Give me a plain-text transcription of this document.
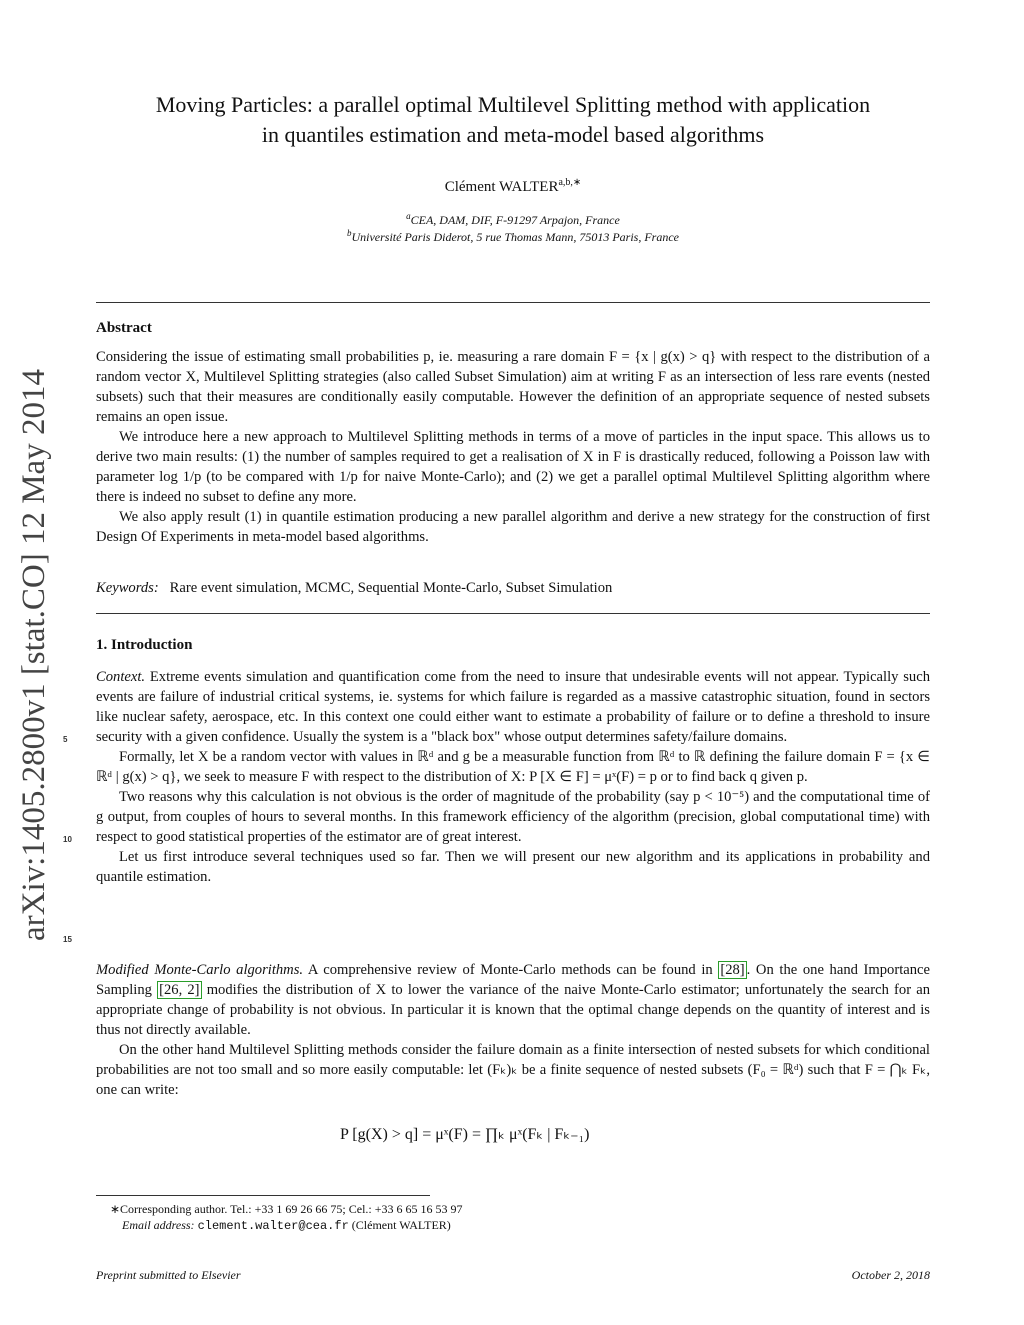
arXiv:1405.2800v1 [stat.CO] 12 May 2014
Moving Particles: a parallel optimal Multilevel Splitting method with application
in quantiles estimation and meta-model based algorithms
Clément $WALTER^{a,b,∗}$
$^a$CEA, DAM, DIF, F-91297 Arpajon, France
$^b$Université Paris Diderot, 5 rue Thomas Mann, 75013 Paris, France
Abstract

Considering the issue of estimating small probabilities p, ie. measuring a rare domain F = {x | g(x) > q} with respect to the distribution of a random vector X, Multilevel Splitting strategies (also called Subset Simulation) aim at writing F as an intersection of less rare events (nested subsets) such that their measures are conditionally easily computable. However the definition of an appropriate sequence of nested subsets remains an open issue.

We introduce here a new approach to Multilevel Splitting methods in terms of a move of particles in the input space. This allows us to derive two main results: (1) the number of samples required to get a realisation of X in F is drastically reduced, following a Poisson law with parameter log 1/p (to be compared with 1/p for naive Monte-Carlo); and (2) we get a parallel optimal Multilevel Splitting algorithm where there is indeed no subset to define any more.

We also apply result (1) in quantile estimation producing a new parallel algorithm and derive a new strategy for the construction of first Design Of Experiments in meta-model based algorithms.

Keywords: Rare event simulation, MCMC, Sequential Monte-Carlo, Subset Simulation
1. Introduction

Context. Extreme events simulation and quantification come from the need to insure that undesirable events will not appear. Typically such events are failure of industrial critical systems, ie. systems for which failure is regarded as a massive catastrophic situation, found in sectors like nuclear safety, aerospace, etc. In this context one could either want to estimate a probability of failure or to define a threshold to insure security with a given confidence. Usually the system is a "black box" whose output determines safety/failure domains.

Formally, let X be a random vector with values in ℝᵈ and g be a measurable function from ℝᵈ to ℝ defining the failure domain F = {x ∈ ℝᵈ | g(x) > q}, we seek to measure F with respect to the distribution of X: P [X ∈ F] = μˣ(F) = p or to find back q given p.

Two reasons why this calculation is not obvious is the order of magnitude of the probability (say p < 10⁻⁵) and the computational time of g output, from couples of hours to several months. In this framework efficiency of the algorithm (precision, global computational time) with respect to good statistical properties of the estimator are of great interest.

Let us first introduce several techniques used so far. Then we will present our new algorithm and its applications in probability and quantile estimation.

Modified Monte-Carlo algorithms. A comprehensive review of Monte-Carlo methods can be found in [28] . On the one hand Importance Sampling [26, 2] modifies the distribution of X to lower the variance of the naive Monte-Carlo estimator; unfortunately the search for an appropriate change of probability is not obvious. In particular it is known that the optimal change depends on the quantity of interest and is thus not directly available.

On the other hand Multilevel Splitting methods consider the failure domain as a finite intersection of nested subsets for which conditional probabilities are not too small and so more easily computable: let (Fₖ)ₖ be a finite sequence of nested subsets (F₀ = ℝᵈ) such that F = ⋂ₖ Fₖ, one can write:

P [g(X) > q] = μˣ(F) = ∏ₖ μˣ(Fₖ | Fₖ₋₁)
5
10
15
∗Corresponding author. Tel.: +33 1 69 26 66 75; Cel.: +33 6 65 16 53 97
Email address: clement.walter@cea.fr (Clément WALTER)
Preprint submitted to Elsevier	October 2, 2018
